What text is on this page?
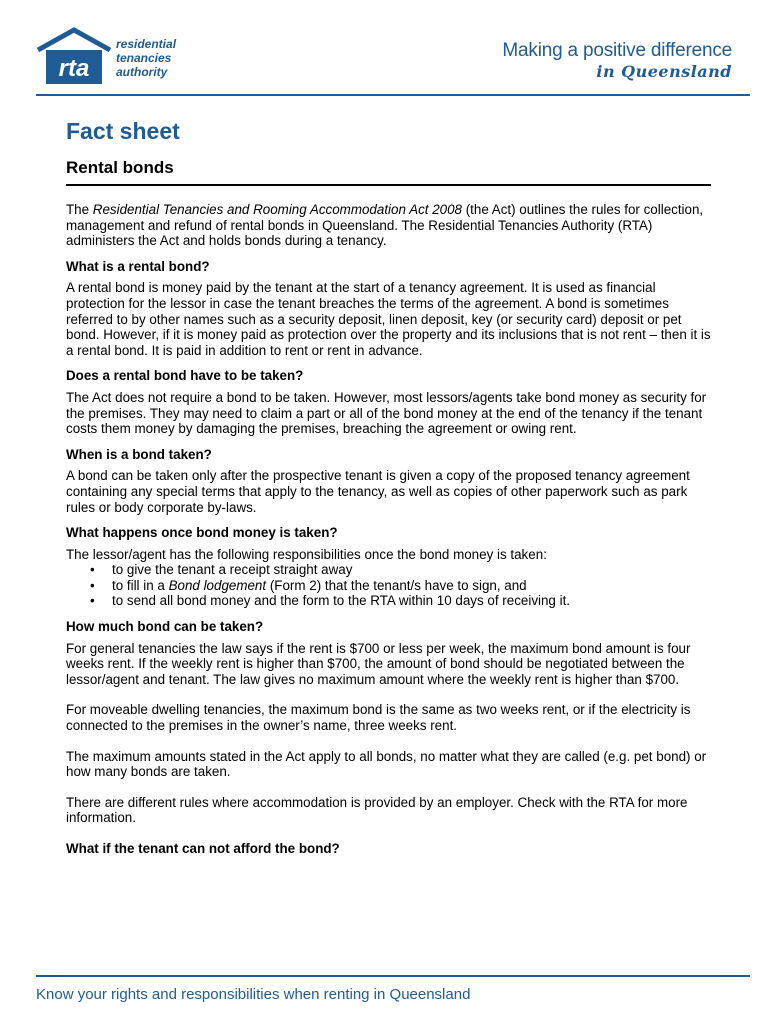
rta
residential
tenancies
authority
Making a positive difference
in Queensland
Fact sheet
Rental bonds

The Residential Tenancies and Rooming Accommodation Act 2008 (the Act) outlines the rules for collection, management and refund of rental bonds in Queensland. The Residential Tenancies Authority (RTA) administers the Act and holds bonds during a tenancy.

What is a rental bond?

A rental bond is money paid by the tenant at the start of a tenancy agreement. It is used as financial protection for the lessor in case the tenant breaches the terms of the agreement. A bond is sometimes referred to by other names such as a security deposit, linen deposit, key (or security card) deposit or pet bond. However, if it is money paid as protection over the property and its inclusions that is not rent – then it is a rental bond. It is paid in addition to rent or rent in advance.

Does a rental bond have to be taken?

The Act does not require a bond to be taken. However, most lessors/agents take bond money as security for the premises. They may need to claim a part or all of the bond money at the end of the tenancy if the tenant costs them money by damaging the premises, breaching the agreement or owing rent.

When is a bond taken?

A bond can be taken only after the prospective tenant is given a copy of the proposed tenancy agreement containing any special terms that apply to the tenancy, as well as copies of other paperwork such as park rules or body corporate by-laws.

What happens once bond money is taken?

The lessor/agent has the following responsibilities once the bond money is taken:

• to give the tenant a receipt straight away
• to fill in a Bond lodgement (Form 2) that the tenant/s have to sign, and
• to send all bond money and the form to the RTA within 10 days of receiving it.
How much bond can be taken?

For general tenancies the law says if the rent is $700 or less per week, the maximum bond amount is four weeks rent. If the weekly rent is higher than $700, the amount of bond should be negotiated between the lessor/agent and tenant. The law gives no maximum amount where the weekly rent is higher than $700.

For moveable dwelling tenancies, the maximum bond is the same as two weeks rent, or if the electricity is connected to the premises in the owner’s name, three weeks rent.

The maximum amounts stated in the Act apply to all bonds, no matter what they are called (e.g. pet bond) or how many bonds are taken.

There are different rules where accommodation is provided by an employer. Check with the RTA for more information.

What if the tenant can not afford the bond?
Know your rights and responsibilities when renting in Queensland
